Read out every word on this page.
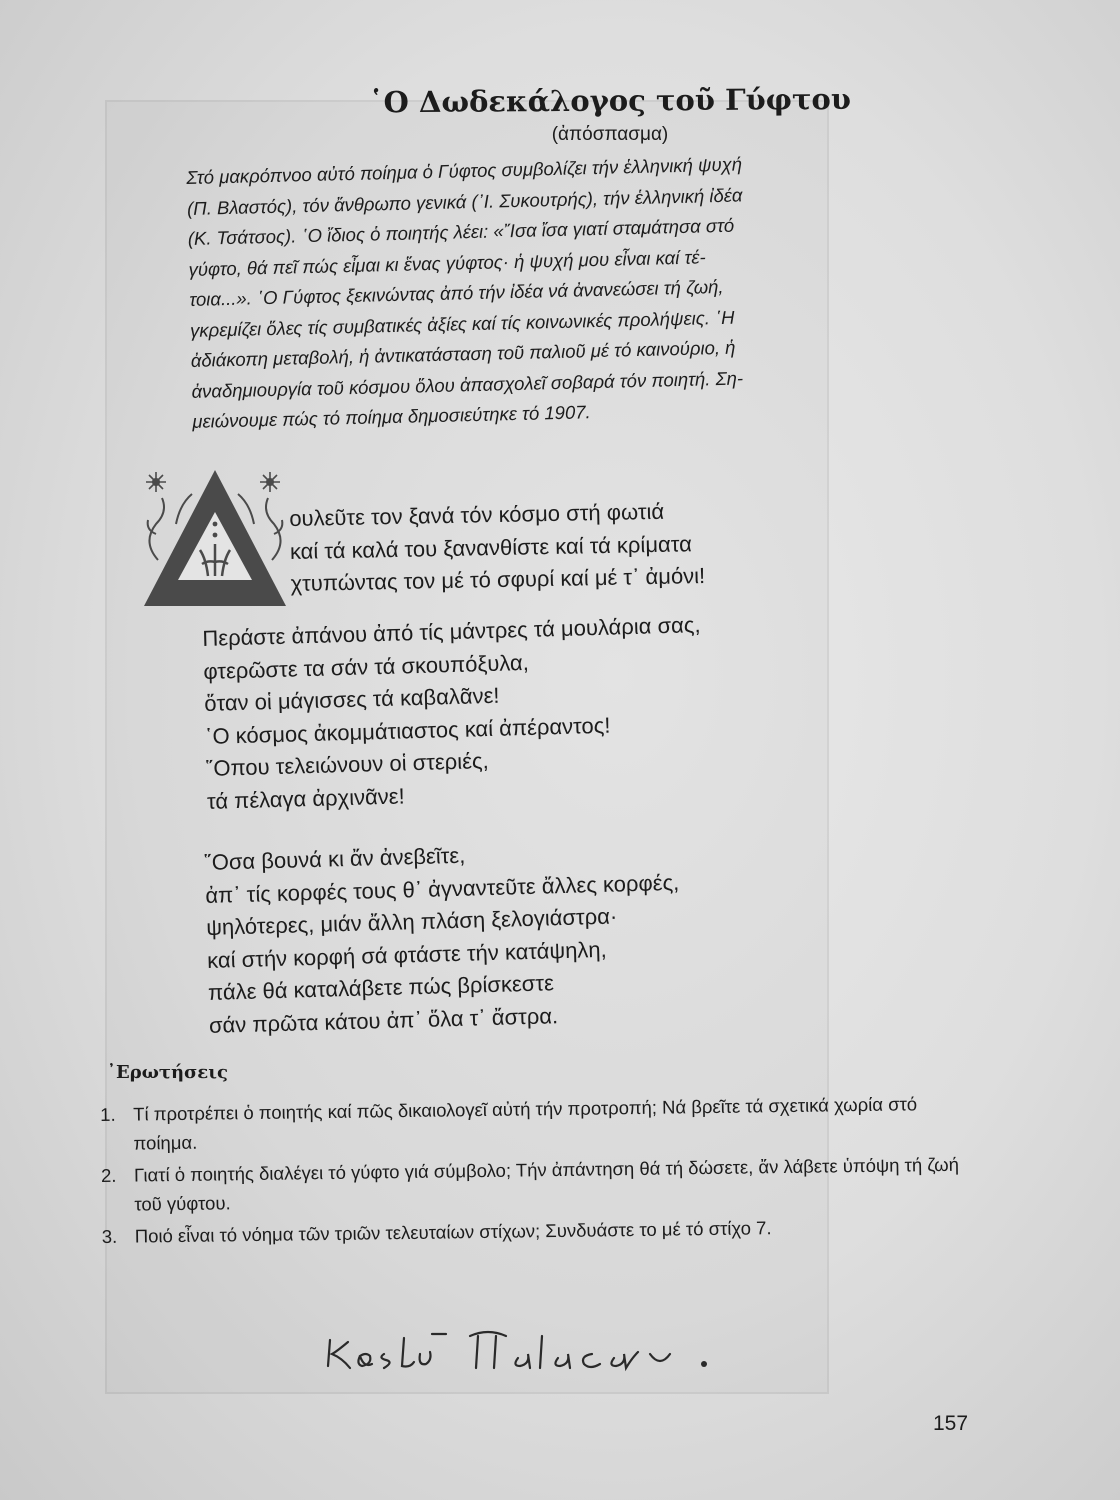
῾Ο Δωδεκάλογος τοῦ Γύφτου
(ἀπόσπασμα)
Στό μακρόπνοο αὐτό ποίημα ὁ Γύφτος συμβολίζει τήν ἑλληνική ψυχή
(Π. Βλαστός), τόν ἄνθρωπο γενικά (᾿Ι. Συκουτρής), τήν ἑλληνική ἰδέα
(Κ. Τσάτσος). ῾Ο ἴδιος ὁ ποιητής λέει: «῎Ισα ἴσα γιατί σταμάτησα στό
γύφτο, θά πεῖ πώς εἶμαι κι ἕνας γύφτος· ἡ ψυχή μου εἶναι καί τέ-
τοια...». ῾Ο Γύφτος ξεκινώντας ἀπό τήν ἰδέα νά ἀνανεώσει τή ζωή,
γκρεμίζει ὅλες τίς συμβατικές ἀξίες καί τίς κοινωνικές προλήψεις. ῾Η
ἀδιάκοπη μεταβολή, ἡ ἀντικατάσταση τοῦ παλιοῦ μέ τό καινούριο, ἡ
ἀναδημιουργία τοῦ κόσμου ὅλου ἀπασχολεῖ σοβαρά τόν ποιητή. Ση-
μειώνουμε πώς τό ποίημα δημοσιεύτηκε τό 1907.
ουλεῦτε τον ξανά τόν κόσμο στή φωτιά
καί τά καλά του ξανανθίστε καί τά κρίματα
χτυπώντας τον μέ τό σφυρί καί μέ τ᾿ ἀμόνι!
Περάστε ἀπάνου ἀπό τίς μάντρες τά μουλάρια σας,
φτερῶστε τα σάν τά σκουπόξυλα,
ὅταν οἱ μάγισσες τά καβαλᾶνε!
῾Ο κόσμος ἀκομμάτιαστος καί ἀπέραντος!
῞Οπου τελειώνουν οἱ στεριές,
τά πέλαγα ἀρχινᾶνε!
῞Οσα βουνά κι ἄν ἀνεβεῖτε,
ἀπ᾿ τίς κορφές τους θ᾿ ἀγναντεῦτε ἄλλες κορφές,
ψηλότερες, μιάν ἄλλη πλάση ξελογιάστρα·
καί στήν κορφή σά φτάστε τήν κατάψηλη,
πάλε θά καταλάβετε πώς βρίσκεστε
σάν πρῶτα κάτου ἀπ᾿ ὅλα τ᾿ ἄστρα.
᾿Ερωτήσεις
1. Τί προτρέπει ὁ ποιητής καί πῶς δικαιολογεῖ αὐτή τήν προτροπή; Νά βρεῖτε τά σχετικά χωρία στό ποίημα.
2. Γιατί ὁ ποιητής διαλέγει τό γύφτο γιά σύμβολο; Τήν ἀπάντηση θά τή δώσετε, ἄν λάβετε ὑπόψη τή ζωή τοῦ γύφτου.
3. Ποιό εἶναι τό νόημα τῶν τριῶν τελευταίων στίχων; Συνδυάστε το μέ τό στίχο 7.
157
